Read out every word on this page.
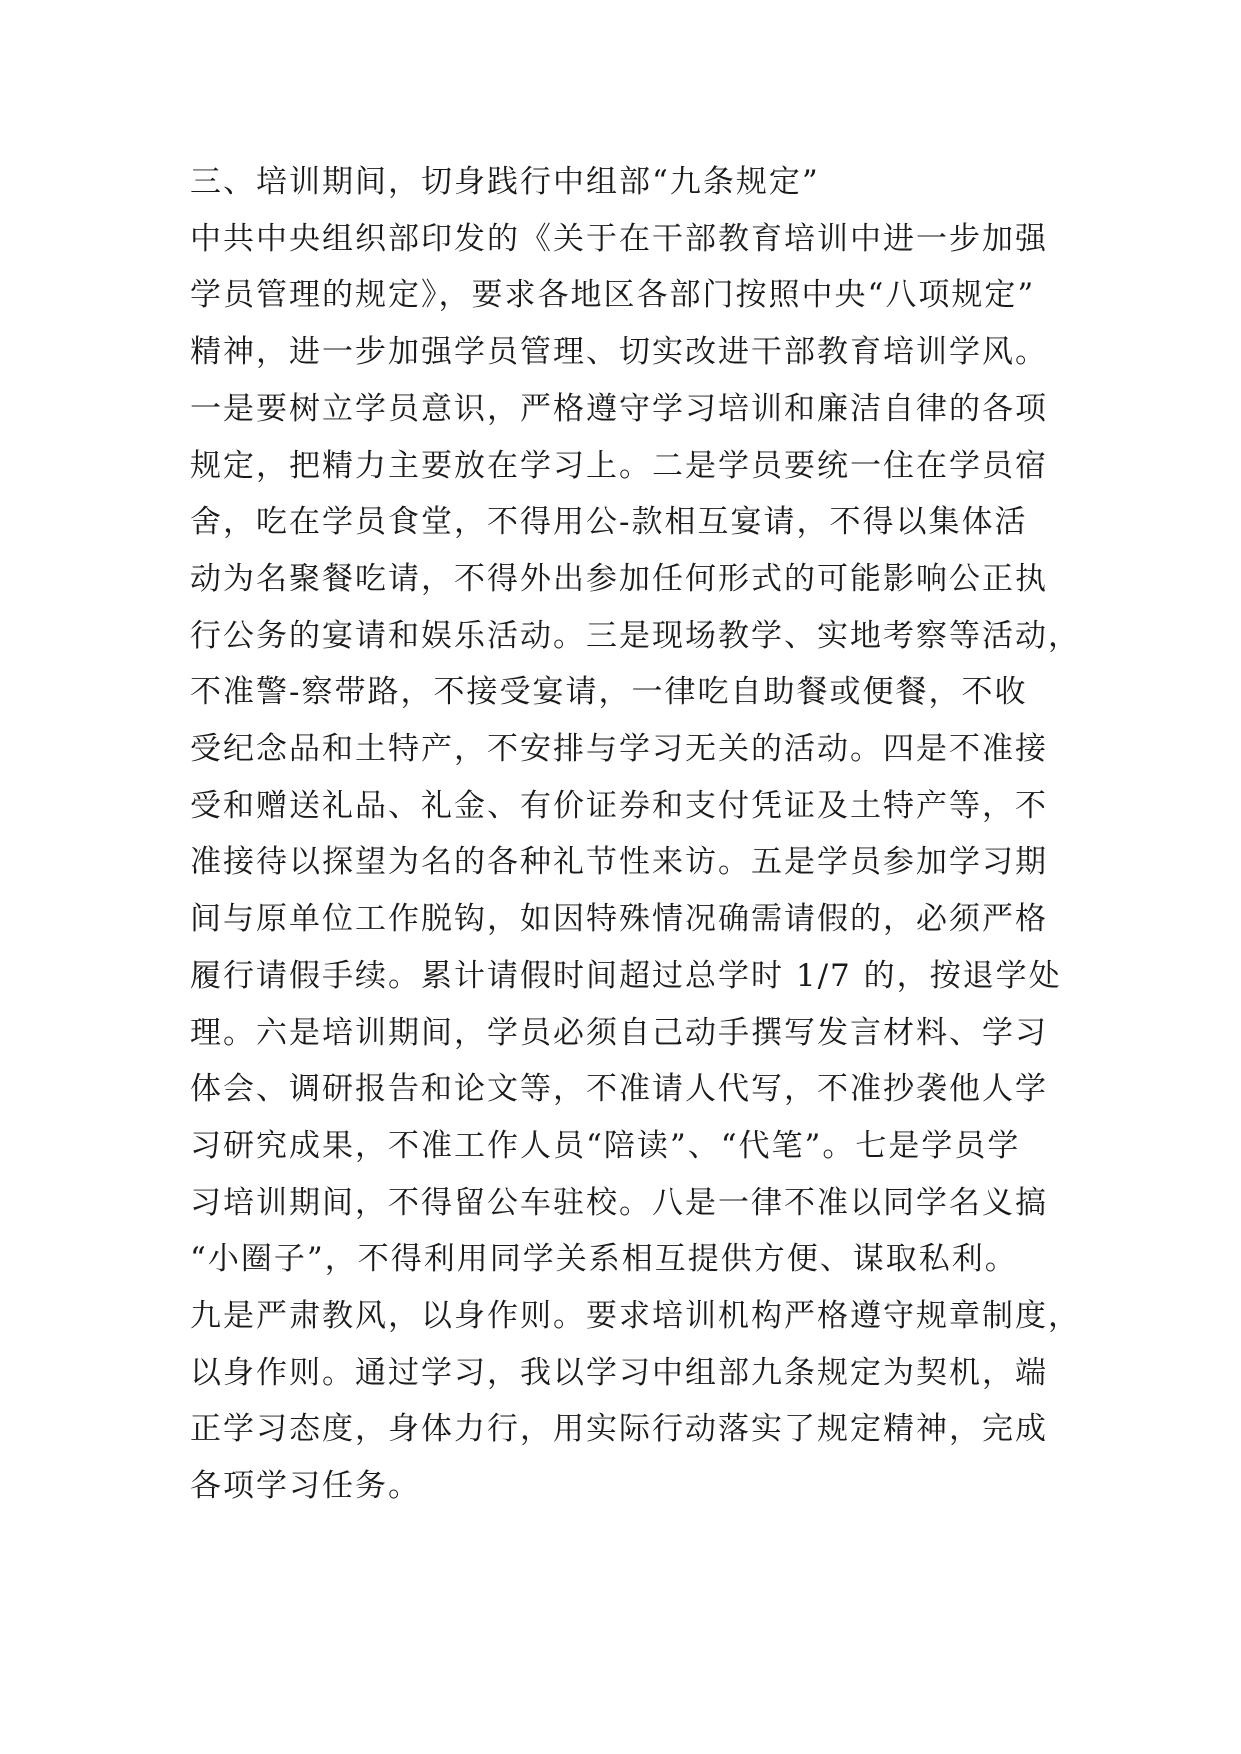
三、培训期间，切身践行中组部“九条规定”
中共中央组织部印发的《关于在干部教育培训中进一步加强
学员管理的规定》，要求各地区各部门按照中央“八项规定”
精神，进一步加强学员管理、切实改进干部教育培训学风。
一是要树立学员意识，严格遵守学习培训和廉洁自律的各项
规定，把精力主要放在学习上。二是学员要统一住在学员宿
舍，吃在学员食堂，不得用公-款相互宴请，不得以集体活
动为名聚餐吃请，不得外出参加任何形式的可能影响公正执
行公务的宴请和娱乐活动。三是现场教学、实地考察等活动，
不准警-察带路，不接受宴请，一律吃自助餐或便餐，不收
受纪念品和土特产，不安排与学习无关的活动。四是不准接
受和赠送礼品、礼金、有价证券和支付凭证及土特产等，不
准接待以探望为名的各种礼节性来访。五是学员参加学习期
间与原单位工作脱钩，如因特殊情况确需请假的，必须严格
履行请假手续。累计请假时间超过总学时 1/7 的，按退学处
理。六是培训期间，学员必须自己动手撰写发言材料、学习
体会、调研报告和论文等，不准请人代写，不准抄袭他人学
习研究成果，不准工作人员“陪读”、“代笔”。七是学员学
习培训期间，不得留公车驻校。八是一律不准以同学名义搞
“小圈子”，不得利用同学关系相互提供方便、谋取私利。
九是严肃教风，以身作则。要求培训机构严格遵守规章制度，
以身作则。通过学习，我以学习中组部九条规定为契机，端
正学习态度，身体力行，用实际行动落实了规定精神，完成
各项学习任务。
